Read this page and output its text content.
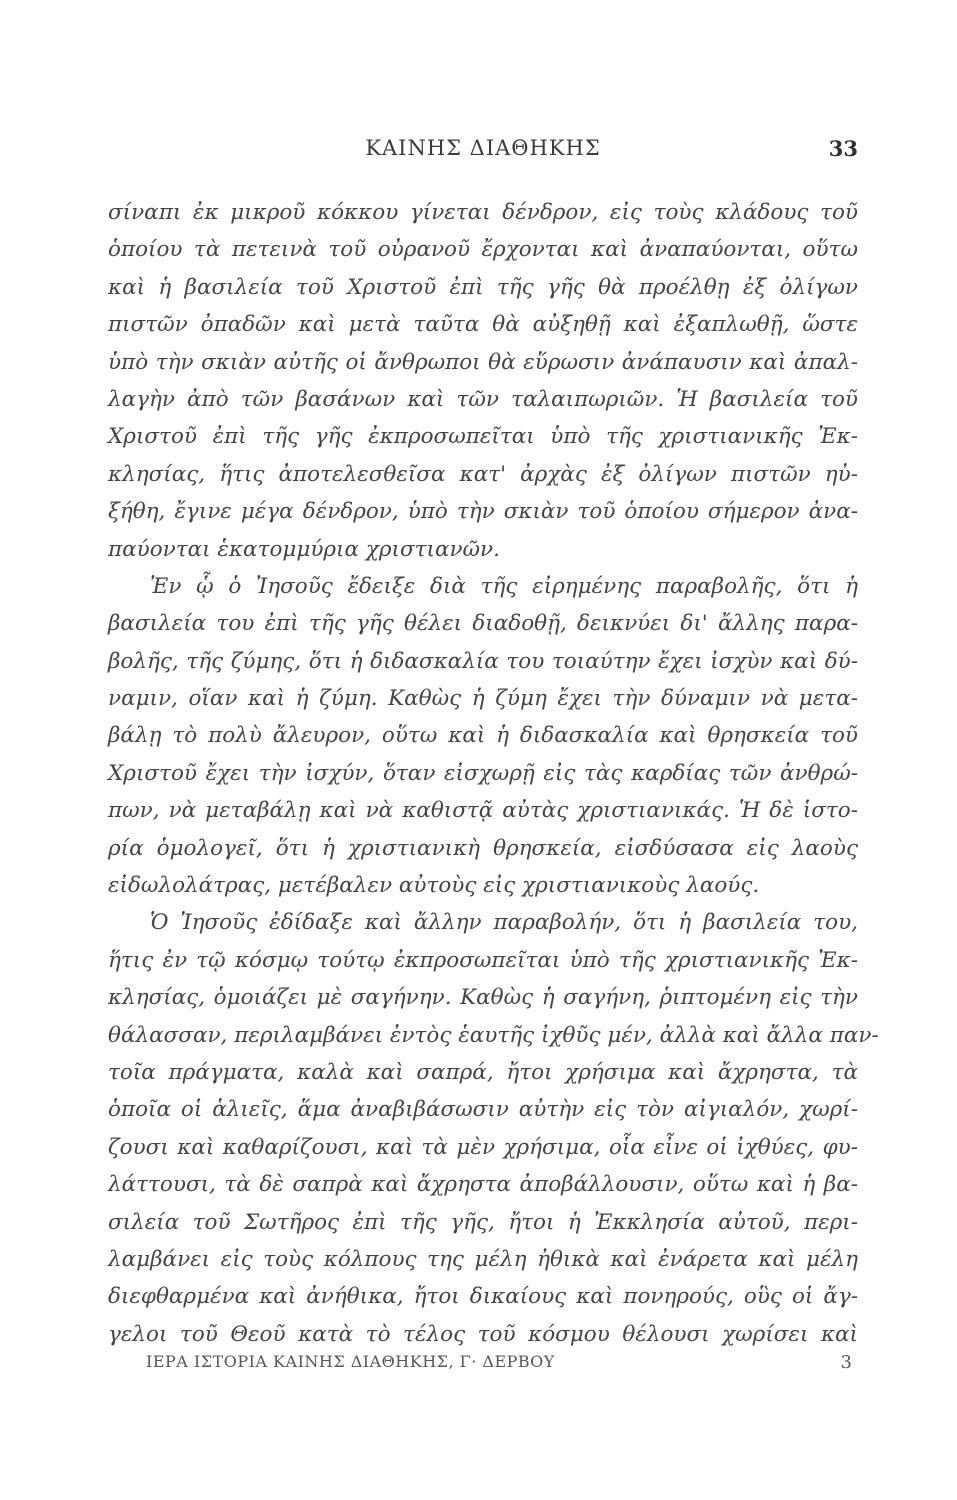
ΚΑΙΝΗΣ ΔΙΑΘΗΚΗΣ	33
σίναπι ἐκ μικροῦ κόκκου γίνεται δένδρον, εἰς τοὺς κλάδους τοῦ
ὁποίου τὰ πετεινὰ τοῦ οὐρανοῦ ἔρχονται καὶ ἀναπαύονται, οὕτω
καὶ ἡ βασιλεία τοῦ Χριστοῦ ἐπὶ τῆς γῆς θὰ προέλθῃ ἐξ ὀλίγων
πιστῶν ὀπαδῶν καὶ μετὰ ταῦτα θὰ αὐξηθῇ καὶ ἐξαπλωθῇ, ὥστε
ὑπὸ τὴν σκιὰν αὐτῆς οἱ ἄνθρωποι θὰ εὕρωσιν ἀνάπαυσιν καὶ ἀπαλ-
λαγὴν ἀπὸ τῶν βασάνων καὶ τῶν ταλαιπωριῶν. Ἡ βασιλεία τοῦ
Χριστοῦ ἐπὶ τῆς γῆς ἐκπροσωπεῖται ὑπὸ τῆς χριστιανικῆς Ἐκ-
κλησίας, ἥτις ἀποτελεσθεῖσα κατ' ἀρχὰς ἐξ ὀλίγων πιστῶν ηὐ-
ξήθη, ἔγινε μέγα δένδρον, ὑπὸ τὴν σκιὰν τοῦ ὁποίου σήμερον ἀνα-
παύονται ἑκατομμύρια χριστιανῶν.
Ἐν ᾧ ὁ Ἰησοῦς ἔδειξε διὰ τῆς εἰρημένης παραβολῆς, ὅτι ἡ
βασιλεία του ἐπὶ τῆς γῆς θέλει διαδοθῇ, δεικνύει δι' ἄλλης παρα-
βολῆς, τῆς ζύμης, ὅτι ἡ διδασκαλία του τοιαύτην ἔχει ἰσχὺν καὶ δύ-
ναμιν, οἵαν καὶ ἡ ζύμη. Καθὼς ἡ ζύμη ἔχει τὴν δύναμιν νὰ μετα-
βάλῃ τὸ πολὺ ἄλευρον, οὕτω καὶ ἡ διδασκαλία καὶ θρησκεία τοῦ
Χριστοῦ ἔχει τὴν ἰσχύν, ὅταν εἰσχωρῇ εἰς τὰς καρδίας τῶν ἀνθρώ-
πων, νὰ μεταβάλῃ καὶ νὰ καθιστᾷ αὐτὰς χριστιανικάς. Ἡ δὲ ἱστο-
ρία ὁμολογεῖ, ὅτι ἡ χριστιανικὴ θρησκεία, εἰσδύσασα εἰς λαοὺς
εἰδωλολάτρας, μετέβαλεν αὐτοὺς εἰς χριστιανικοὺς λαούς.
Ὁ Ἰησοῦς ἐδίδαξε καὶ ἄλλην παραβολήν, ὅτι ἡ βασιλεία του,
ἥτις ἐν τῷ κόσμῳ τούτῳ ἐκπροσωπεῖται ὑπὸ τῆς χριστιανικῆς Ἐκ-
κλησίας, ὁμοιάζει μὲ σαγήνην. Καθὼς ἡ σαγήνη, ῥιπτομένη εἰς τὴν
θάλασσαν, περιλαμβάνει ἐντὸς ἑαυτῆς ἰχθῦς μέν, ἀλλὰ καὶ ἄλλα παν-
τοῖα πράγματα, καλὰ καὶ σαπρά, ἤτοι χρήσιμα καὶ ἄχρηστα, τὰ
ὁποῖα οἱ ἁλιεῖς, ἅμα ἀναβιβάσωσιν αὐτὴν εἰς τὸν αἰγιαλόν, χωρί-
ζουσι καὶ καθαρίζουσι, καὶ τὰ μὲν χρήσιμα, οἷα εἶνε οἱ ἰχθύες, φυ-
λάττουσι, τὰ δὲ σαπρὰ καὶ ἄχρηστα ἀποβάλλουσιν, οὕτω καὶ ἡ βα-
σιλεία τοῦ Σωτῆρος ἐπὶ τῆς γῆς, ἤτοι ἡ Ἐκκλησία αὐτοῦ, περι-
λαμβάνει εἰς τοὺς κόλπους της μέλη ἠθικὰ καὶ ἐνάρετα καὶ μέλη
διεφθαρμένα καὶ ἀνήθικα, ἤτοι δικαίους καὶ πονηρούς, οὓς οἱ ἄγ-
γελοι τοῦ Θεοῦ κατὰ τὸ τέλος τοῦ κόσμου θέλουσι χωρίσει καὶ
ΙΕΡΑ ΙΣΤΟΡΙΑ ΚΑΙΝΗΣ ΔΙΑΘΗΚΗΣ, Γ· ΔΕΡΒΟΥ	3
